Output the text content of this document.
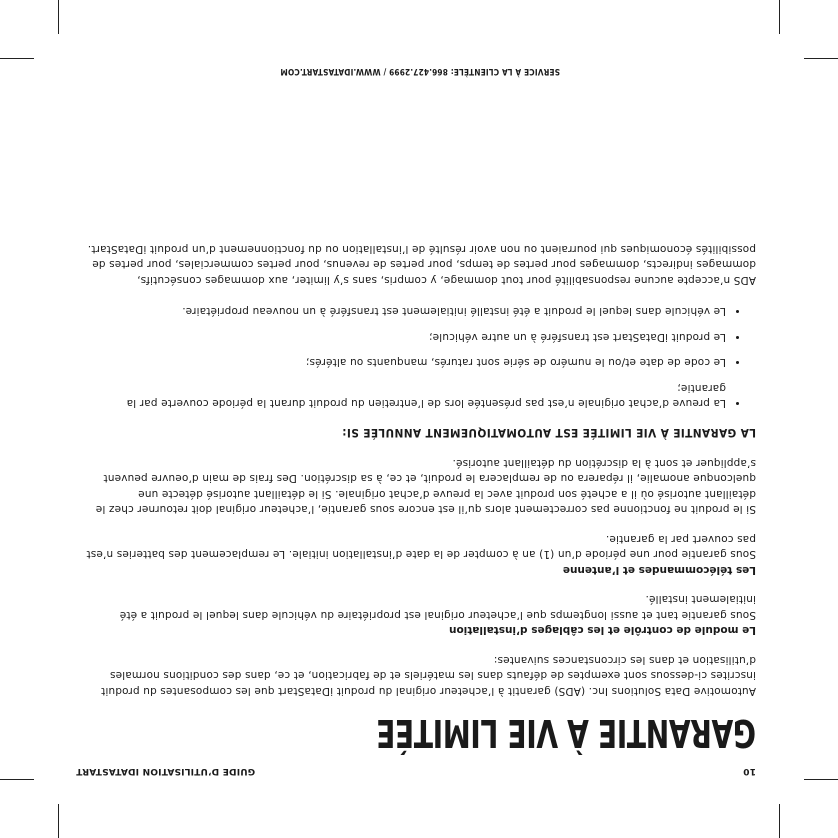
10
GUIDE D’UTILISATION IDATASTART
GARANTIE À VIE LIMITÉE

Automotive Data Solutions Inc. (ADS) garantit à l’acheteur original du produit iDataStart que les composantes du produit inscrites ci-dessous sont exemptes de défauts dans les matériels et de fabrication, et ce, dans des conditions normales d’utilisation et dans les circonstances suivantes:

Le module de contrôle et les câblages d’installation

Sous garantie tant et aussi longtemps que l’acheteur original est propriétaire du véhicule dans lequel le produit a été initialement installé.

Les télécommandes et l’antenne

Sous garantie pour une période d’un (1) an à compter de la date d’installation initiale. Le remplacement des batteries n’est pas couvert par la garantie.

Si le produit ne fonctionne pas correctement alors qu’il est encore sous garantie, l’acheteur original doit retourner chez le détaillant autorisé où il a acheté son produit avec la preuve d’achat originale. Si le détaillant autorisé détecte une quelconque anomalie, il réparera ou de remplacera le produit, et ce, à sa discrétion. Des frais de main d’oeuvre peuvent s’appliquer et sont à la discrétion du détaillant autorisé.

LA GARANTIE À VIE LIMITÉE EST AUTOMATIQUEMENT ANNULÉE SI:
• La preuve d’achat originale n’est pas présentée lors de l’entretien du produit durant la période couverte par la garantie;
• Le code de date et/ou le numéro de série sont raturés, manquants ou altérés;
• Le produit iDataStart est transféré à un autre véhicule;
• Le véhicule dans lequel le produit a été installé initialement est transféré à un nouveau propriétaire.

ADS n’accepte aucune responsabilité pour tout dommage, y compris, sans s’y limiter, aux dommages consécutifs, dommages indirects, dommages pour pertes de temps, pour pertes de revenus, pour pertes commerciales, pour pertes de possibilités économiques qui pourraient ou non avoir résulté de l’installation ou du fonctionnement d’un produit iDataStart.

SERVICE À LA CLIENTÈLE: 866.427.2999 / WWW.IDATASTART.COM
